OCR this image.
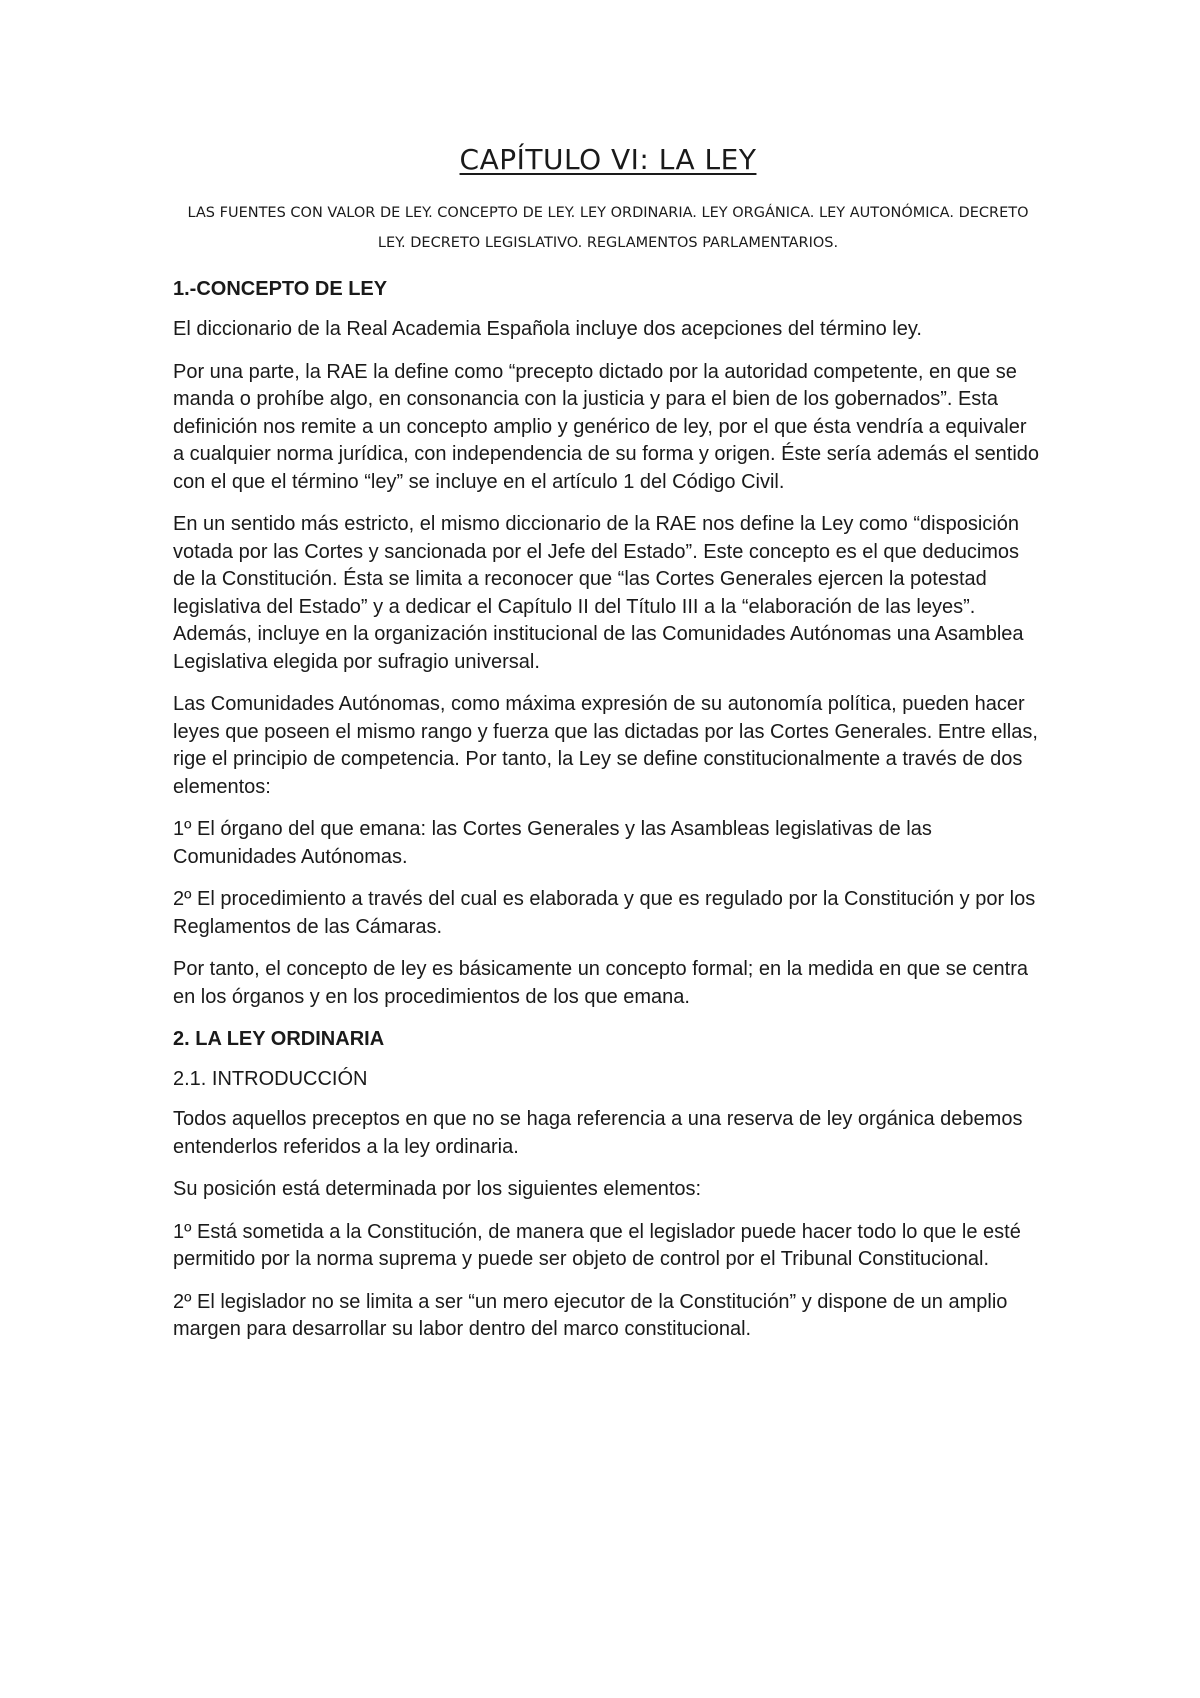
CAPÍTULO VI: LA LEY
LAS FUENTES CON VALOR DE LEY. CONCEPTO DE LEY. LEY ORDINARIA. LEY ORGÁNICA. LEY AUTONÓMICA. DECRETO LEY. DECRETO LEGISLATIVO. REGLAMENTOS PARLAMENTARIOS.
1.-CONCEPTO DE LEY

El diccionario de la Real Academia Española incluye dos acepciones del término ley.

Por una parte, la RAE la define como “precepto dictado por la autoridad competente, en que se manda o prohíbe algo, en consonancia con la justicia y para el bien de los gobernados”. Esta definición nos remite a un concepto amplio y genérico de ley, por el que ésta vendría a equivaler a cualquier norma jurídica, con independencia de su forma y origen. Éste sería además el sentido con el que el término “ley” se incluye en el artículo 1 del Código Civil.

En un sentido más estricto, el mismo diccionario de la RAE nos define la Ley como “disposición votada por las Cortes y sancionada por el Jefe del Estado”. Este concepto es el que deducimos de la Constitución. Ésta se limita a reconocer que “las Cortes Generales ejercen la potestad legislativa del Estado” y a dedicar el Capítulo II del Título III a la “elaboración de las leyes”. Además, incluye en la organización institucional de las Comunidades Autónomas una Asamblea Legislativa elegida por sufragio universal.

Las Comunidades Autónomas, como máxima expresión de su autonomía política, pueden hacer leyes que poseen el mismo rango y fuerza que las dictadas por las Cortes Generales. Entre ellas, rige el principio de competencia. Por tanto, la Ley se define constitucionalmente a través de dos elementos:

1º El órgano del que emana: las Cortes Generales y las Asambleas legislativas de las Comunidades Autónomas.

2º El procedimiento a través del cual es elaborada y que es regulado por la Constitución y por los Reglamentos de las Cámaras.

Por tanto, el concepto de ley es básicamente un concepto formal; en la medida en que se centra en los órganos y en los procedimientos de los que emana.

2. LA LEY ORDINARIA
2.1. INTRODUCCIÓN

Todos aquellos preceptos en que no se haga referencia a una reserva de ley orgánica debemos entenderlos referidos a la ley ordinaria.

Su posición está determinada por los siguientes elementos:

1º Está sometida a la Constitución, de manera que el legislador puede hacer todo lo que le esté permitido por la norma suprema y puede ser objeto de control por el Tribunal Constitucional.

2º El legislador no se limita a ser “un mero ejecutor de la Constitución” y dispone de un amplio margen para desarrollar su labor dentro del marco constitucional.
